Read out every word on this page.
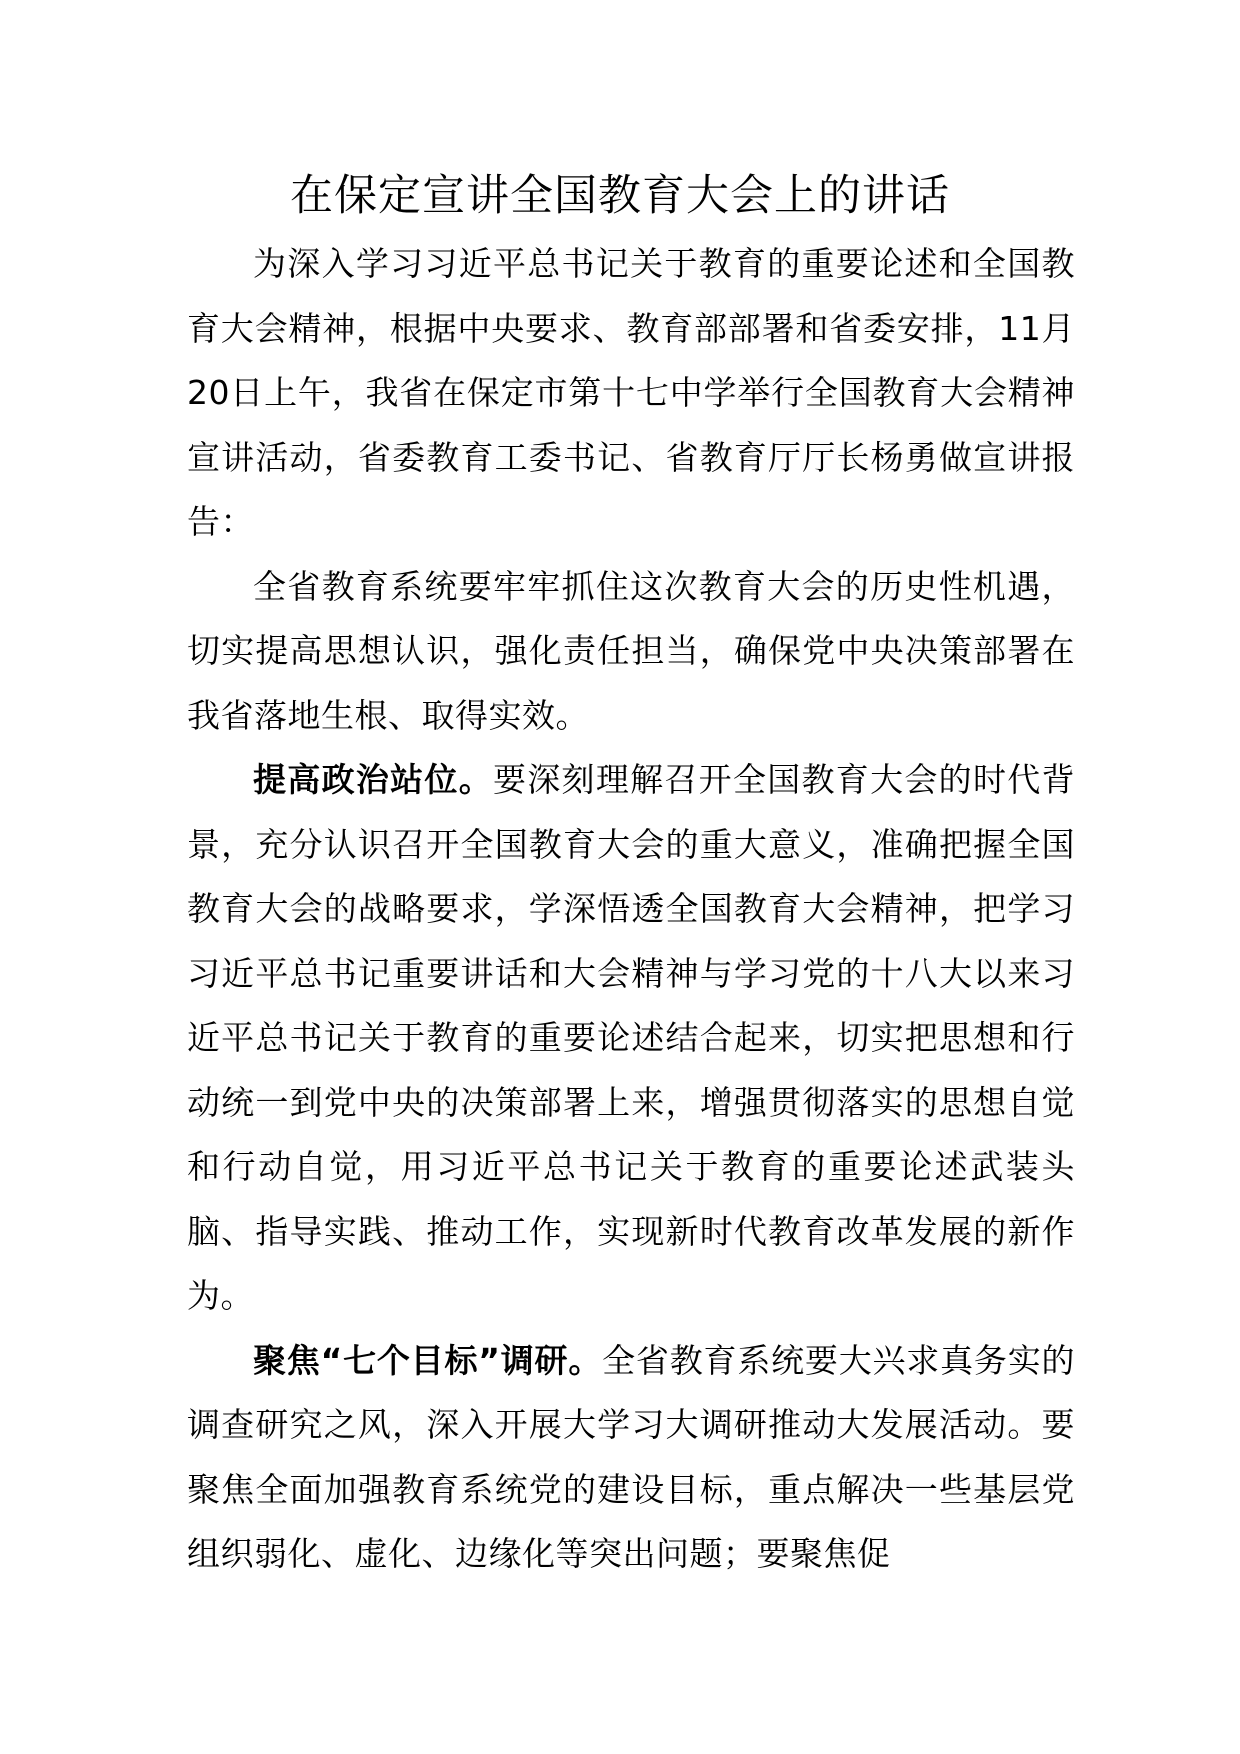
在保定宣讲全国教育大会上的讲话

为深入学习习近平总书记关于教育的重要论述和全国教育大会精神，根据中央要求、教育部部署和省委安排，11月20日上午，我省在保定市第十七中学举行全国教育大会精神宣讲活动，省委教育工委书记、省教育厅厅长杨勇做宣讲报告：

全省教育系统要牢牢抓住这次教育大会的历史性机遇，切实提高思想认识，强化责任担当，确保党中央决策部署在我省落地生根、取得实效。

提高政治站位。要深刻理解召开全国教育大会的时代背景，充分认识召开全国教育大会的重大意义，准确把握全国教育大会的战略要求，学深悟透全国教育大会精神，把学习习近平总书记重要讲话和大会精神与学习党的十八大以来习近平总书记关于教育的重要论述结合起来，切实把思想和行动统一到党中央的决策部署上来，增强贯彻落实的思想自觉和行动自觉，用习近平总书记关于教育的重要论述武装头脑、指导实践、推动工作，实现新时代教育改革发展的新作为。

聚焦“七个目标”调研。全省教育系统要大兴求真务实的调查研究之风，深入开展大学习大调研推动大发展活动。要聚焦全面加强教育系统党的建设目标，重点解决一些基层党组织弱化、虚化、边缘化等突出问题；要聚焦促
